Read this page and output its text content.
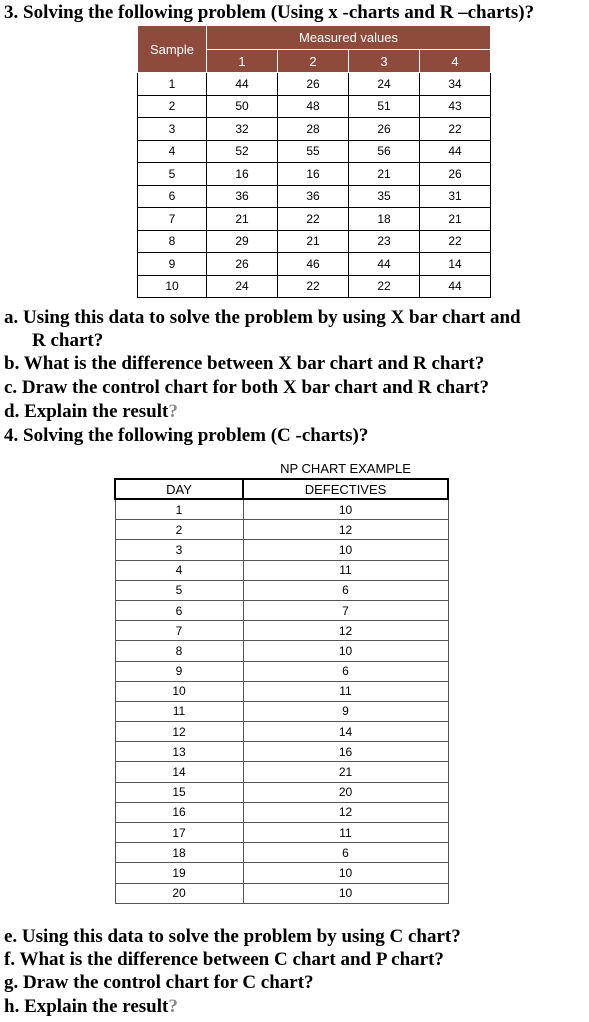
3. Solving the following problem (Using x -charts and R –charts)?
Sample	Measured values			
	1	2	3	4
1	44	26	24	34
2	50	48	51	43
3	32	28	26	22
4	52	55	56	44
5	16	16	21	26
6	36	36	35	31
7	21	22	18	21
8	29	21	23	22
9	26	46	44	14
10	24	22	22	44
a. Using this data to solve the problem by using X bar chart and
R chart?
b. What is the difference between X bar chart and R chart?
c. Draw the control chart for both X bar chart and R chart?
d. Explain the result?
4. Solving the following problem (C -charts)?
	NP CHART EXAMPLE
DAY	DEFECTIVES
1	10
2	12
3	10
4	11
5	6
6	7
7	12
8	10
9	6
10	11
11	9
12	14
13	16
14	21
15	20
16	12
17	11
18	6
19	10
20	10
e. Using this data to solve the problem by using C chart?
f. What is the difference between C chart and P chart?
g. Draw the control chart for C chart?
h. Explain the result?
